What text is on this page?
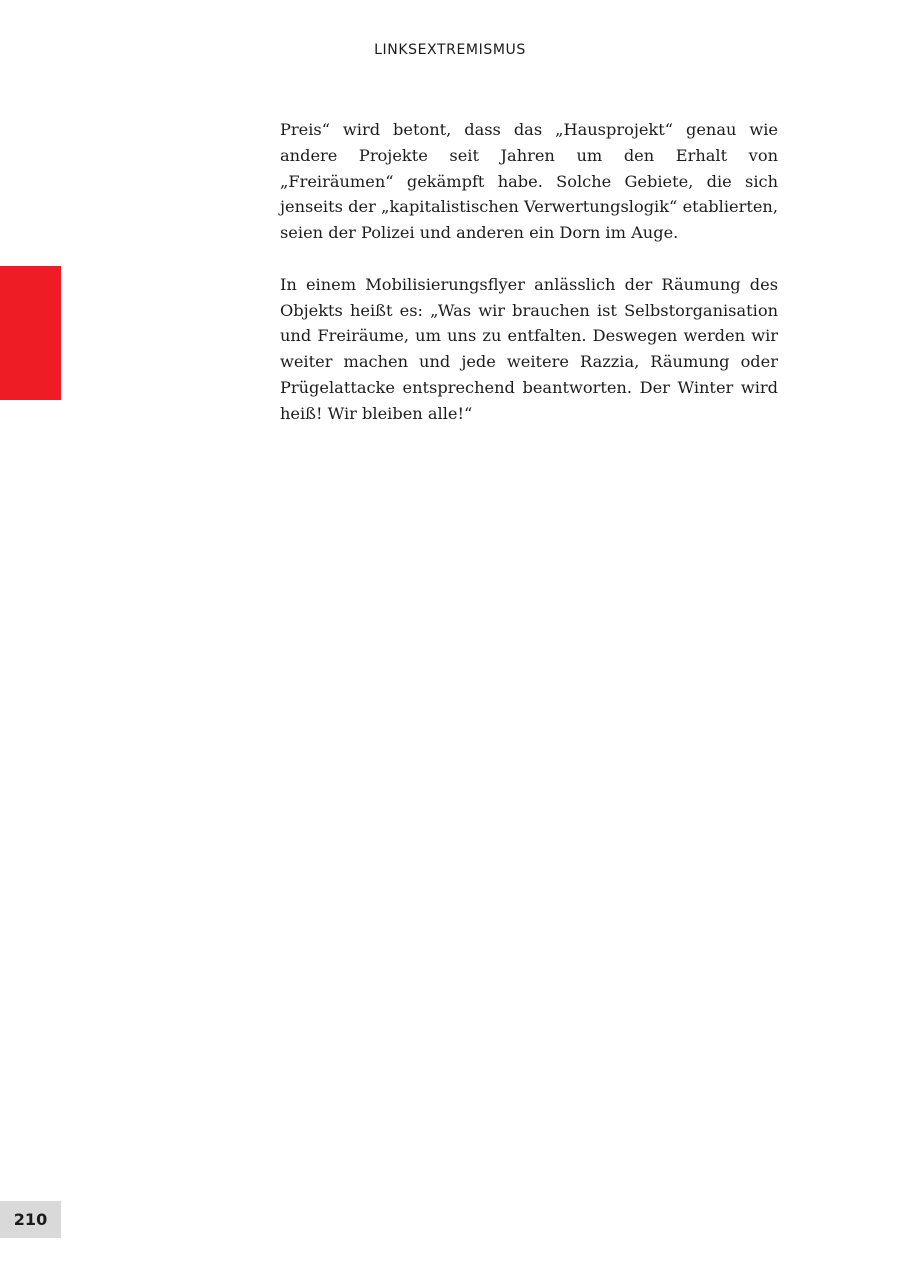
LINKSEXTREMISMUS

Preis“ wird betont, dass das „Hausprojekt“ genau wie andere Projekte seit Jahren um den Erhalt von „Freiräumen“ gekämpft habe. Solche Gebiete, die sich jenseits der „kapitalistischen Verwertungslogik“ etablierten, seien der Polizei und anderen ein Dorn im Auge.

In einem Mobilisierungsflyer anlässlich der Räumung des Objekts heißt es: „Was wir brauchen ist Selbstorganisation und Freiräume, um uns zu entfalten. Deswegen werden wir weiter machen und jede weitere Razzia, Räumung oder Prügelattacke entsprechend beantworten. Der Winter wird heiß! Wir bleiben alle!“

210
